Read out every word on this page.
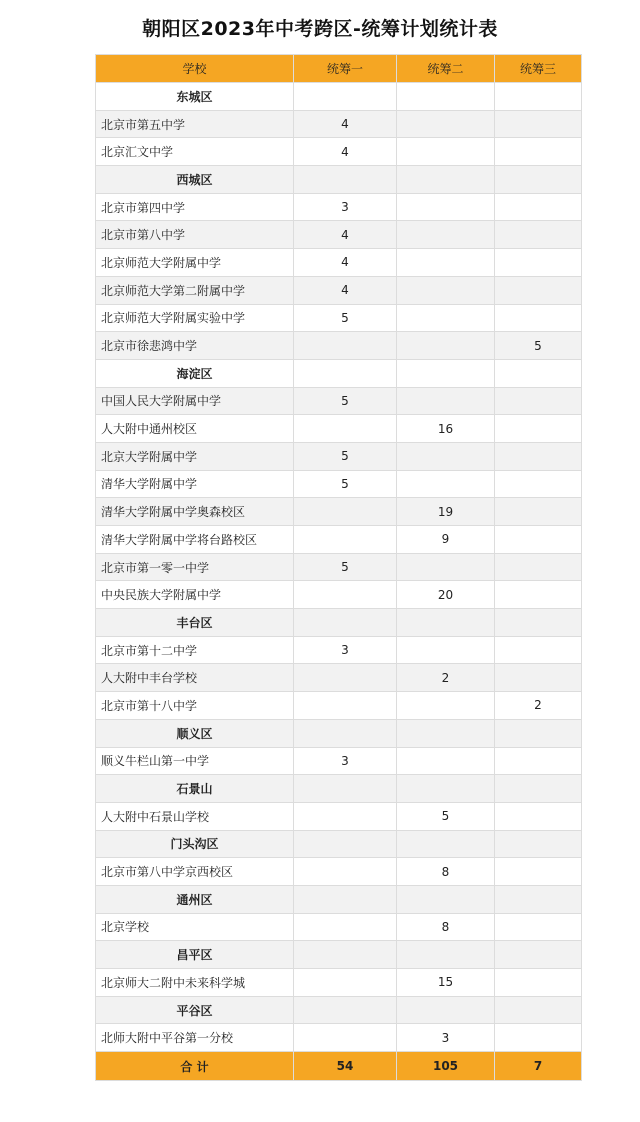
朝阳区2023年中考跨区-统筹计划统计表
学校	统筹一	统筹二	统筹三
东城区			
北京市第五中学	4		
北京汇文中学	4		
西城区			
北京市第四中学	3		
北京市第八中学	4		
北京师范大学附属中学	4		
北京师范大学第二附属中学	4		
北京师范大学附属实验中学	5		
北京市徐悲鸿中学			5
海淀区			
中国人民大学附属中学	5		
人大附中通州校区		16	
北京大学附属中学	5		
清华大学附属中学	5		
清华大学附属中学奥森校区		19	
清华大学附属中学将台路校区		9	
北京市第一零一中学	5		
中央民族大学附属中学		20	
丰台区			
北京市第十二中学	3		
人大附中丰台学校		2	
北京市第十八中学			2
顺义区			
顺义牛栏山第一中学	3		
石景山			
人大附中石景山学校		5	
门头沟区			
北京市第八中学京西校区		8	
通州区			
北京学校		8	
昌平区			
北京师大二附中未来科学城		15	
平谷区			
北师大附中平谷第一分校		3	
合 计	54	105	7
